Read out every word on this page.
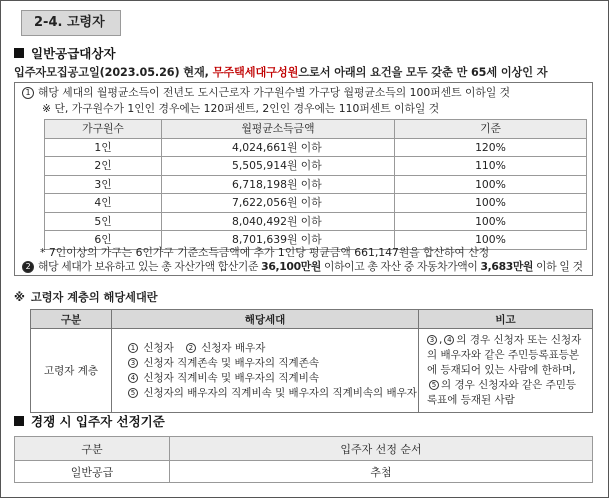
2-4. 고령자
일반공급대상자
입주자모집공고일(2023.05.26) 현재, 무주택세대구성원으로서 아래의 요건을 모두 갖춘 만 65세 이상인 자
1 해당 세대의 월평균소득이 전년도 도시근로자 가구원수별 가구당 월평균소득의 100퍼센트 이하일 것
※ 단, 가구원수가 1인인 경우에는 120퍼센트, 2인인 경우에는 110퍼센트 이하일 것
가구원수	월평균소득금액	기준
1인	4,024,661원 이하	120%
2인	5,505,914원 이하	110%
3인	6,718,198원 이하	100%
4인	7,622,056원 이하	100%
5인	8,040,492원 이하	100%
6인	8,701,639원 이하	100%
* 7인이상의 가구는 6인가구 기준소득금액에 추가 1인당 평균금액 661,147원을 합산하여 산정
2 해당 세대가 보유하고 있는 총 자산가액 합산기준 36,100만원 이하이고 총 자산 중 자동차가액이 3,683만원 이하 일 것
※ 고령자 계층의 해당세대란
구분	해당세대	비고
고령자 계층	1 신청자 2 신청자 배우자
3 신청자 직계존속 및 배우자의 직계존속
4 신청자 직계비속 및 배우자의 직계비속
5 신청자의 배우자의 직계비속 및 배우자의 직계비속의 배우자	3 , 4 의 경우 신청자 또는 신청자의 배우자와 같은 주민등록표등본에 등재되어 있는 사람에 한하며, 5 의 경우 신청자와 같은 주민등록표에 등재된 사람
경쟁 시 입주자 선정기준
구분	입주자 선정 순서
일반공급	추첨
